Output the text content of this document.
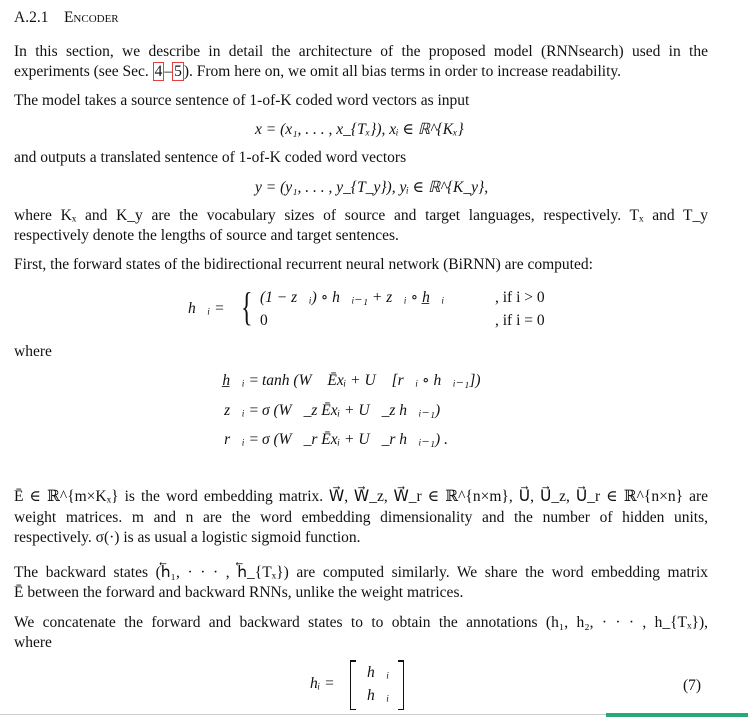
A.2.1 Encoder
In this section, we describe in detail the architecture of the proposed model (RNNsearch) used in the
experiments (see Sec. 4 – 5 ). From here on, we omit all bias terms in order to increase readability.
The model takes a source sentence of 1-of-K coded word vectors as input
x = (x₁, . . . , x_{Tₓ}), xᵢ ∈ ℝ^{Kₓ}
and outputs a translated sentence of 1-of-K coded word vectors
y = (y₁, . . . , y_{T_y}), yᵢ ∈ ℝ^{K_y},
where Kₓ and K_y are the vocabulary sizes of source and target languages, respectively. Tₓ and T_y
respectively denote the lengths of source and target sentences.
First, the forward states of the bidirectional recurrent neural network (BiRNN) are computed:
h⃗ᵢ = { (1 − z⃗ᵢ) ∘ h⃗ᵢ₋₁ + z⃗ᵢ ∘ h̲⃗ᵢ	, if i > 0
0	, if i = 0
where
h̲⃗ᵢ = tanh (W⃗ Ēxᵢ + U⃗ [r⃗ᵢ ∘ h⃗ᵢ₋₁])
z⃗ᵢ = σ (W⃗_z Ēxᵢ + U⃗_z h⃗ᵢ₋₁)
r⃗ᵢ = σ (W⃗_r Ēxᵢ + U⃗_r h⃗ᵢ₋₁) .
Ē ∈ ℝ^{m×Kₓ} is the word embedding matrix. W⃗, W⃗_z, W⃗_r ∈ ℝ^{n×m}, U⃗, U⃗_z, U⃗_r ∈ ℝ^{n×n} are
weight matrices. m and n are the word embedding dimensionality and the number of hidden units,
respectively. σ(·) is as usual a logistic sigmoid function.
The backward states (h⃖₁, · · · , h⃖_{Tₓ}) are computed similarly. We share the word embedding matrix
Ē between the forward and backward RNNs, unlike the weight matrices.
We concatenate the forward and backward states to to obtain the annotations (h₁, h₂, · · · , h_{Tₓ}),
where
hᵢ =
h⃗ᵢ
h⃖ᵢ
(7)
